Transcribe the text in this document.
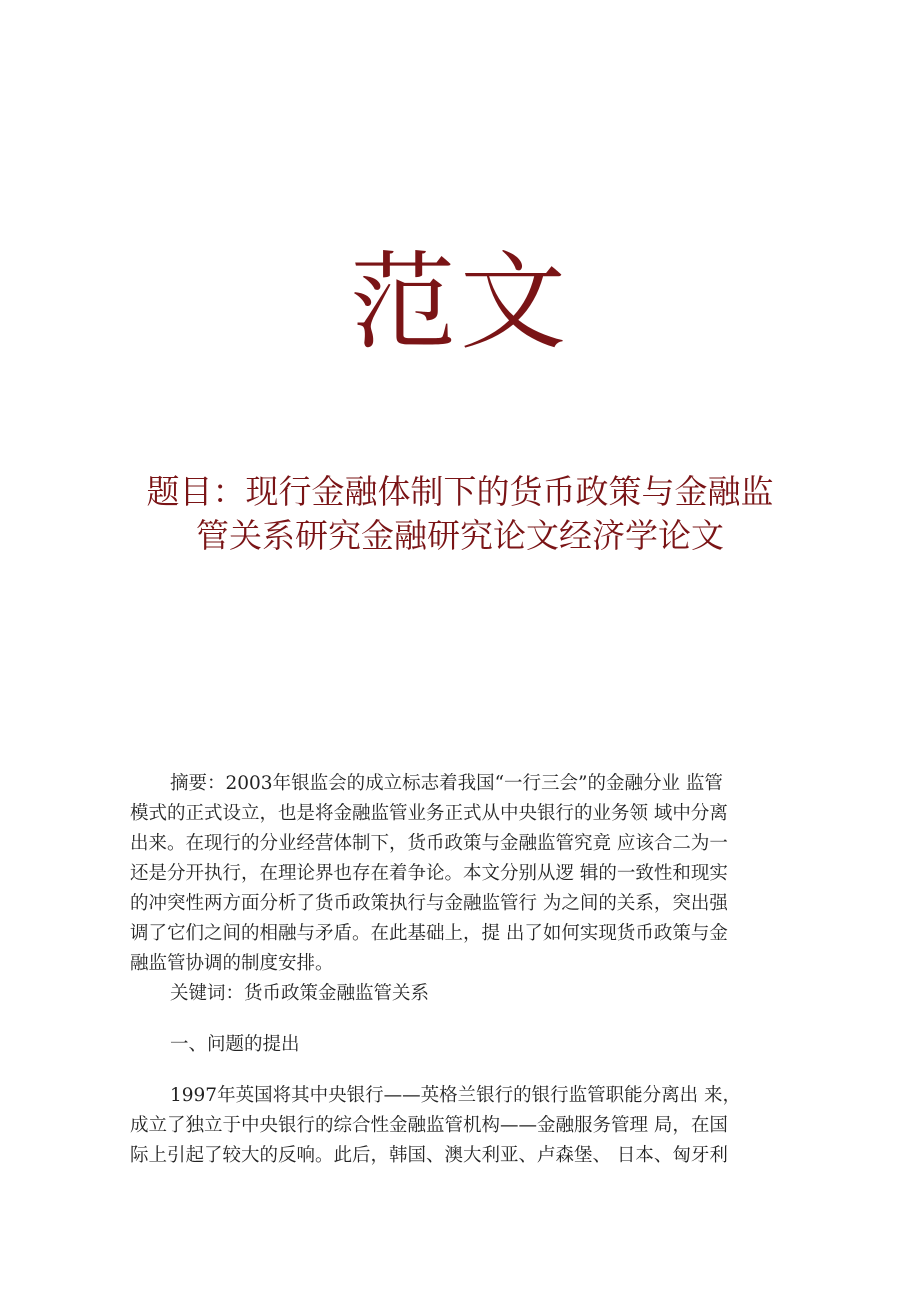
范文
题目：现行金融体制下的货币政策与金融监
管关系研究金融研究论文经济学论文
摘要：2003年银监会的成立标志着我国“一行三会”的金融分业 监管
模式的正式设立，也是将金融监管业务正式从中央银行的业务领 域中分离
出来。在现行的分业经营体制下，货币政策与金融监管究竟 应该合二为一
还是分开执行，在理论界也存在着争论。本文分别从逻 辑的一致性和现实
的冲突性两方面分析了货币政策执行与金融监管行 为之间的关系，突出强
调了它们之间的相融与矛盾。在此基础上，提 出了如何实现货币政策与金
融监管协调的制度安排。
关键词：货币政策金融监管关系
一、问题的提出
1997年英国将其中央银行——英格兰银行的银行监管职能分离出 来，
成立了独立于中央银行的综合性金融监管机构——金融服务管理 局，在国
际上引起了较大的反响。此后，韩国、澳大利亚、卢森堡、 日本、匈牙利
